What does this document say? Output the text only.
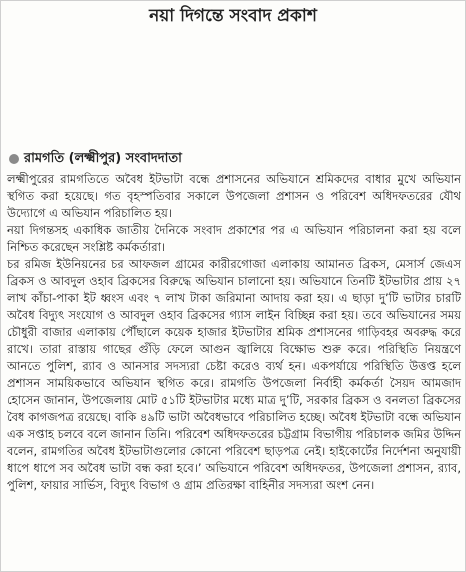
নয়া দিগন্তে সংবাদ প্রকাশ
রামগতি (লক্ষ্মীপুর) সংবাদদাতা

লক্ষ্মীপুরের রামগতিতে অবৈধ ইটভাটা বন্ধে প্রশাসনের অভিযানে শ্রমিকদের বাধার মুখে অভিযান স্থগিত করা হয়েছে। গত বৃহস্পতিবার সকালে উপজেলা প্রশাসন ও পরিবেশ অধিদফতরের যৌথ উদ্যোগে এ অভিযান পরিচালিত হয়।

নয়া দিগন্তসহ একাধিক জাতীয় দৈনিকে সংবাদ প্রকাশের পর এ অভিযান পরিচালনা করা হয় বলে নিশ্চিত করেছেন সংশ্লিষ্ট কর্মকর্তারা।

চর রমিজ ইউনিয়নের চর আফজল গ্রামের কারীরগোজা এলাকায় আমানত ব্রিকস, মেসার্স জেএস ব্রিকস ও আবদুল ওহাব ব্রিকসের বিরুদ্ধে অভিযান চালানো হয়। অভিযানে তিনটি ইটভাটার প্রায় ২৭ লাখ কাঁচা-পাকা ইট ধ্বংস এবং ৭ লাখ টাকা জরিমানা আদায় করা হয়। এ ছাড়া দু’টি ভাটার চারটি অবৈধ বিদ্যুৎ সংযোগ ও আবদুল ওহাব ব্রিকসের গ্যাস লাইন বিচ্ছিন্ন করা হয়। তবে অভিযানের সময় চৌধুরী বাজার এলাকায় পৌঁছালে কয়েক হাজার ইটভাটার শ্রমিক প্রশাসনের গাড়িবহর অবরুদ্ধ করে রাখে। তারা রাস্তায় গাছের গুঁড়ি ফেলে আগুন জ্বালিয়ে বিক্ষোভ শুরু করে। পরিস্থিতি নিয়ন্ত্রণে আনতে পুলিশ, র‍্যাব ও আনসার সদস্যরা চেষ্টা করেও ব্যর্থ হন। একপর্যায়ে পরিস্থিতি উত্তপ্ত হলে প্রশাসন সাময়িকভাবে অভিযান স্থগিত করে। রামগতি উপজেলা নির্বাহী কর্মকর্তা সৈয়দ আমজাদ হোসেন জানান, উপজেলায় মোট ৫১টি ইটভাটার মধ্যে মাত্র দু’টি, সরকার ব্রিকস ও বনলতা ব্রিকসের বৈধ কাগজপত্র রয়েছে। বাকি ৪৯টি ভাটা অবৈধভাবে পরিচালিত হচ্ছে। অবৈধ ইটভাটা বন্ধে অভিযান এক সপ্তাহ চলবে বলে জানান তিনি। পরিবেশ অধিদফতরের চট্টগ্রাম বিভাগীয় পরিচালক জমির উদ্দিন বলেন, রামগতির অবৈধ ইটভাটাগুলোর কোনো পরিবেশ ছাড়পত্র নেই। হাইকোর্টের নির্দেশনা অনুযায়ী ধাপে ধাপে সব অবৈধ ভাটা বন্ধ করা হবে।’ অভিযানে পরিবেশ অধিদফতর, উপজেলা প্রশাসন, র‍্যাব, পুলিশ, ফায়ার সার্ভিস, বিদ্যুৎ বিভাগ ও গ্রাম প্রতিরক্ষা বাহিনীর সদস্যরা অংশ নেন।
